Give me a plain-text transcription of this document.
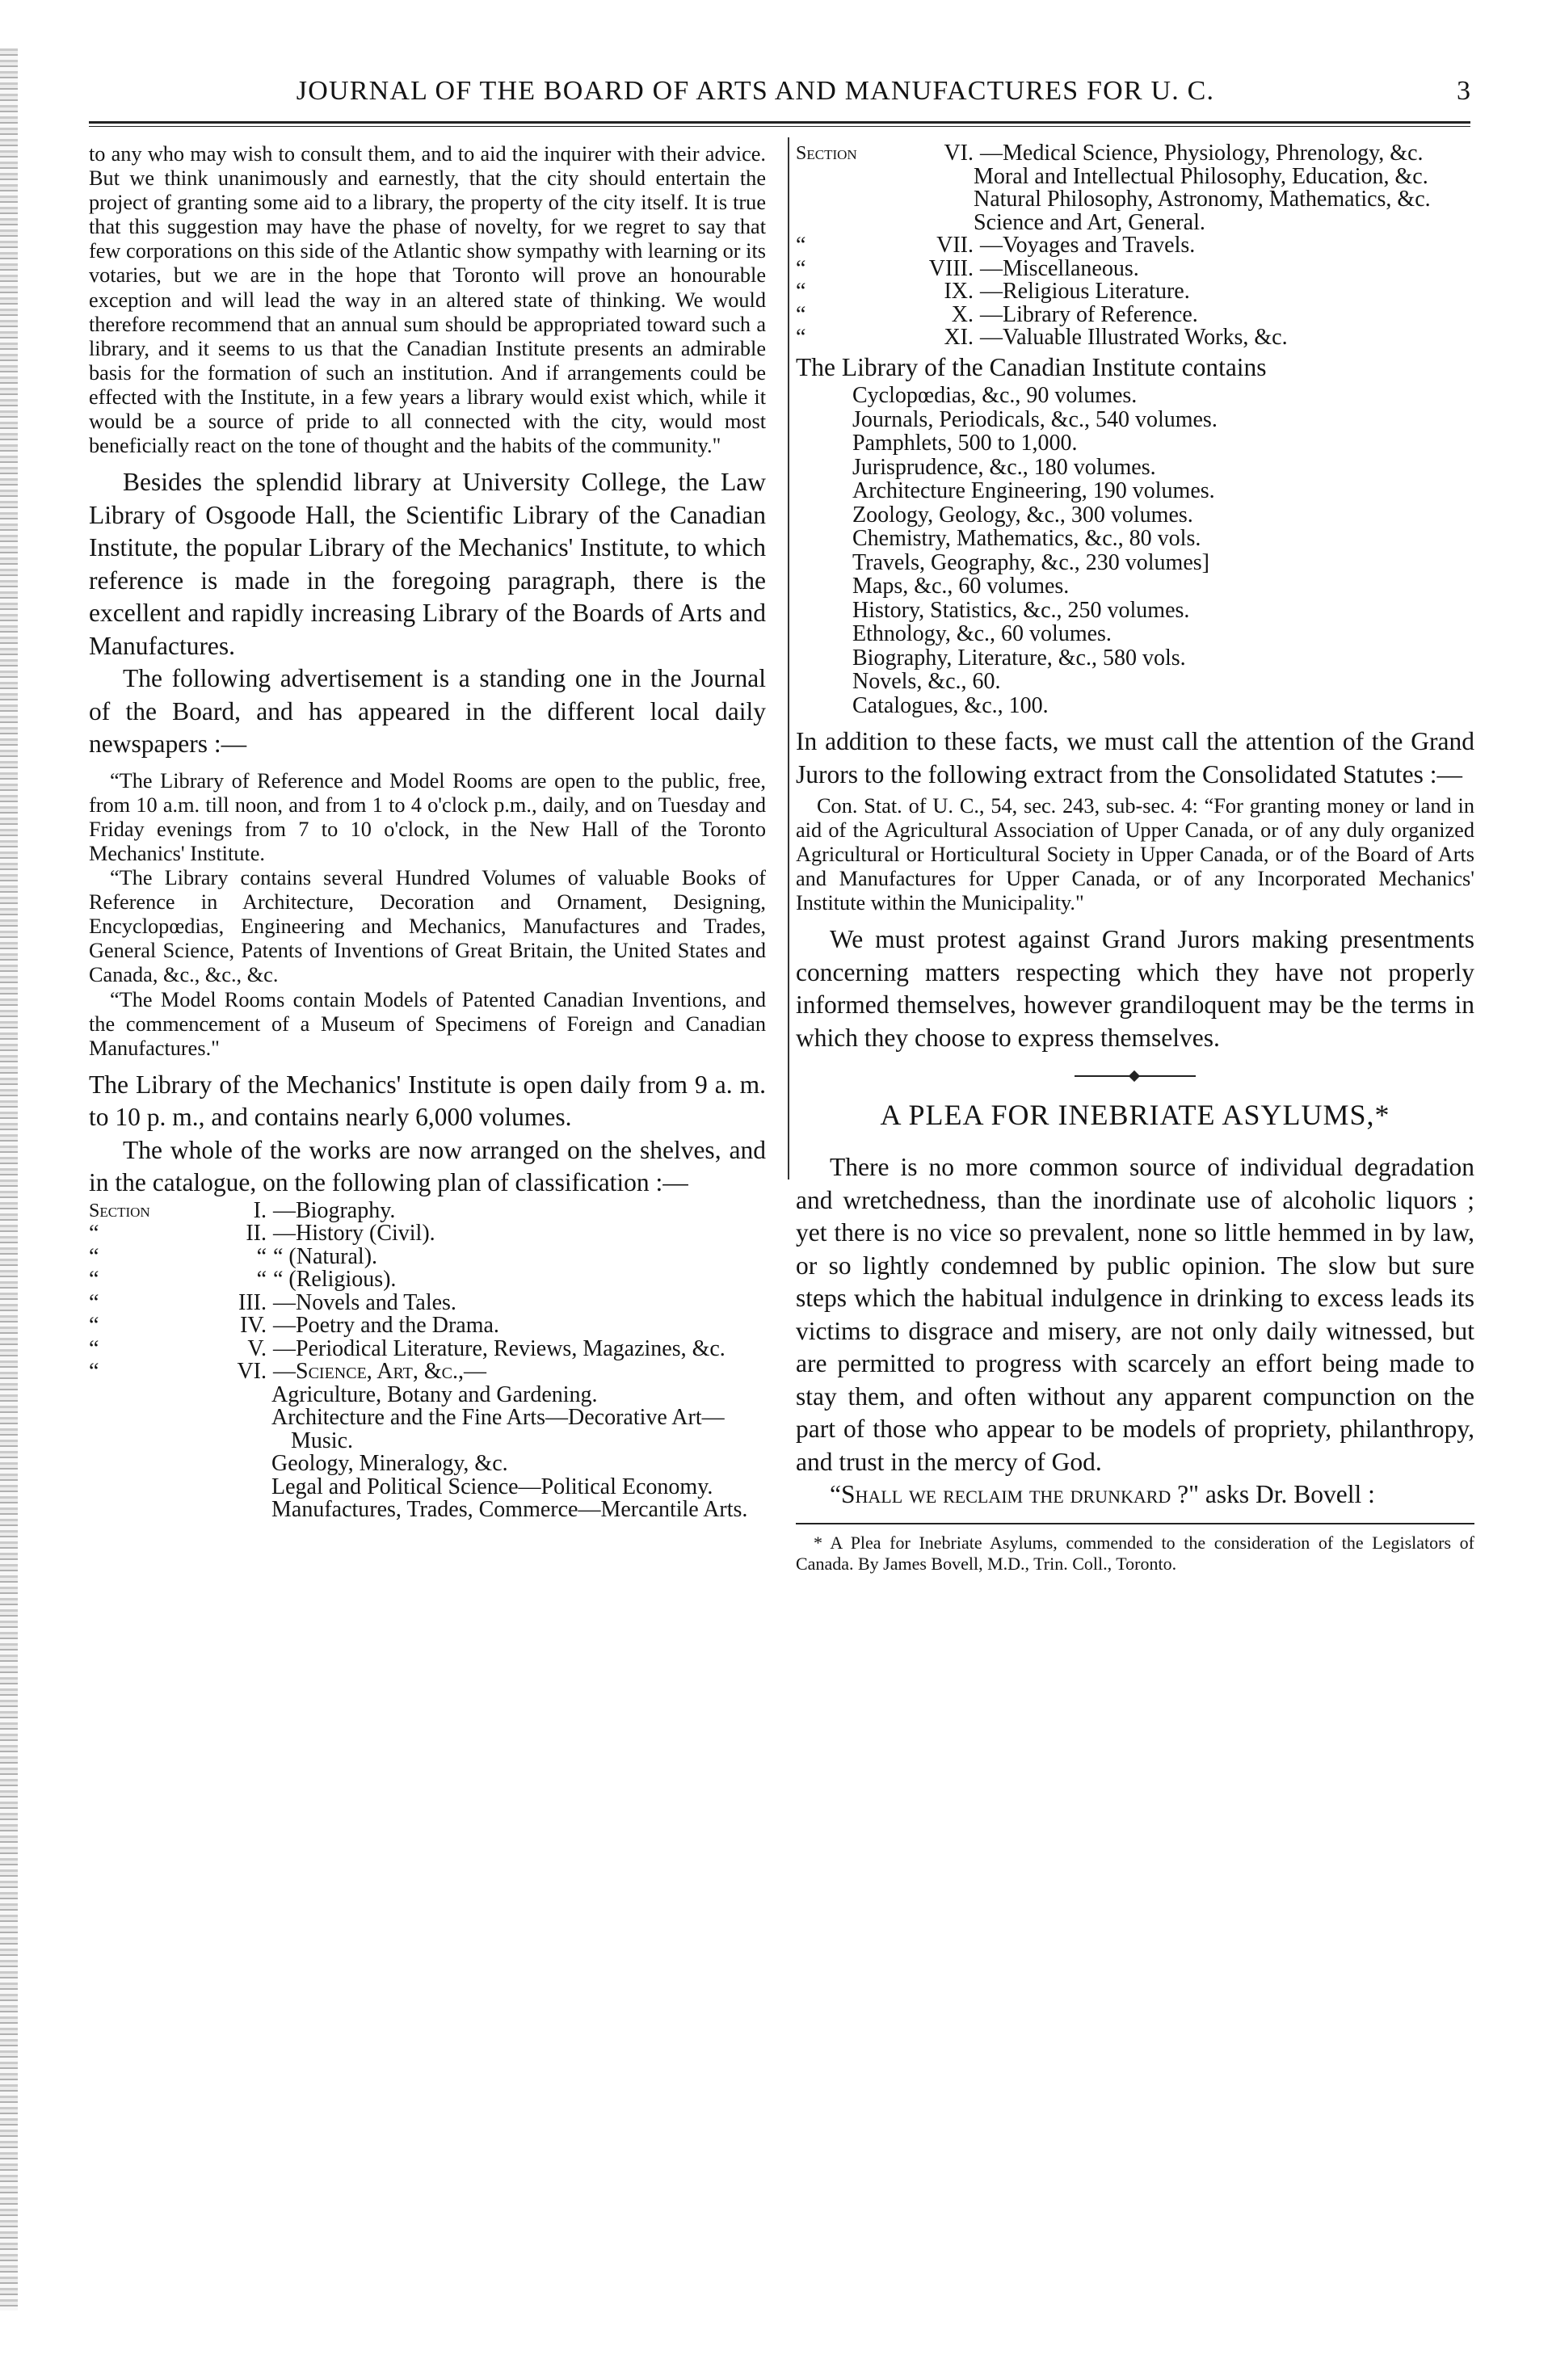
JOURNAL OF THE BOARD OF ARTS AND MANUFACTURES FOR U. C.	3

to any who may wish to consult them, and to aid the inquirer with their advice. But we think unanimously and earnestly, that the city should entertain the project of granting some aid to a library, the property of the city itself. It is true that this suggestion may have the phase of novelty, for we regret to say that few corporations on this side of the Atlantic show sympathy with learning or its votaries, but we are in the hope that Toronto will prove an honourable exception and will lead the way in an altered state of thinking. We would therefore recommend that an annual sum should be appropriated toward such a library, and it seems to us that the Canadian Institute presents an admirable basis for the formation of such an institution. And if arrangements could be effected with the Institute, in a few years a library would exist which, while it would be a source of pride to all connected with the city, would most beneficially react on the tone of thought and the habits of the community."

Besides the splendid library at University College, the Law Library of Osgoode Hall, the Scientific Library of the Canadian Institute, the popular Library of the Mechanics' Institute, to which reference is made in the foregoing paragraph, there is the excellent and rapidly increasing Library of the Boards of Arts and Manufactures.

The following advertisement is a standing one in the Journal of the Board, and has appeared in the different local daily newspapers :—

“The Library of Reference and Model Rooms are open to the public, free, from 10 a.m. till noon, and from 1 to 4 o'clock p.m., daily, and on Tuesday and Friday evenings from 7 to 10 o'clock, in the New Hall of the Toronto Mechanics' Institute.

“The Library contains several Hundred Volumes of valuable Books of Reference in Architecture, Decoration and Ornament, Designing, Encyclopœdias, Engineering and Mechanics, Manufactures and Trades, General Science, Patents of Inventions of Great Britain, the United States and Canada, &c., &c., &c.

“The Model Rooms contain Models of Patented Canadian Inventions, and the commencement of a Museum of Specimens of Foreign and Canadian Manufactures."

The Library of the Mechanics' Institute is open daily from 9 a. m. to 10 p. m., and contains nearly 6,000 volumes.

The whole of the works are now arranged on the shelves, and in the catalogue, on the following plan of classification :—

Section	I.	—Biography.
“	II.	—History (Civil).
“	“	“ (Natural).
“	“	“ (Religious).
“	III.	—Novels and Tales.
“	IV.	—Poetry and the Drama.
“	V.	—Periodical Literature, Reviews, Magazines, &c.
“	VI.	—Science, Art, &c.,—
Agriculture, Botany and Gardening.
Architecture and the Fine Arts—Decorative Art—Music.
Geology, Mineralogy, &c.
Legal and Political Science—Political Economy.
Manufactures, Trades, Commerce—Mercantile Arts.
Section	VI.	—Medical Science, Physiology, Phrenology, &c.
Moral and Intellectual Philosophy, Education, &c.
Natural Philosophy, Astronomy, Mathematics, &c.
Science and Art, General.
“	VII.	—Voyages and Travels.
“	VIII.	—Miscellaneous.
“	IX.	—Religious Literature.
“	X.	—Library of Reference.
“	XI.	—Valuable Illustrated Works, &c.

The Library of the Canadian Institute contains

Cyclopœdias, &c., 90 volumes.
Journals, Periodicals, &c., 540 volumes.
Pamphlets, 500 to 1,000.
Jurisprudence, &c., 180 volumes.
Architecture Engineering, 190 volumes.
Zoology, Geology, &c., 300 volumes.
Chemistry, Mathematics, &c., 80 vols.
Travels, Geography, &c., 230 volumes]
Maps, &c., 60 volumes.
History, Statistics, &c., 250 volumes.
Ethnology, &c., 60 volumes.
Biography, Literature, &c., 580 vols.
Novels, &c., 60.
Catalogues, &c., 100.

In addition to these facts, we must call the attention of the Grand Jurors to the following extract from the Consolidated Statutes :—

Con. Stat. of U. C., 54, sec. 243, sub-sec. 4: “For granting money or land in aid of the Agricultural Association of Upper Canada, or of any duly organized Agricultural or Horticultural Society in Upper Canada, or of the Board of Arts and Manufactures for Upper Canada, or of any Incorporated Mechanics' Institute within the Municipality."

We must protest against Grand Jurors making presentments concerning matters respecting which they have not properly informed themselves, however grandiloquent may be the terms in which they choose to express themselves.

A PLEA FOR INEBRIATE ASYLUMS,*

There is no more common source of individual degradation and wretchedness, than the inordinate use of alcoholic liquors ; yet there is no vice so prevalent, none so little hemmed in by law, or so lightly condemned by public opinion. The slow but sure steps which the habitual indulgence in drinking to excess leads its victims to disgrace and misery, are not only daily witnessed, but are permitted to progress with scarcely an effort being made to stay them, and often without any apparent compunction on the part of those who appear to be models of propriety, philanthropy, and trust in the mercy of God.

“Shall we reclaim the drunkard ?" asks Dr. Bovell :

* A Plea for Inebriate Asylums, commended to the consideration of the Legislators of Canada. By James Bovell, M.D., Trin. Coll., Toronto.
